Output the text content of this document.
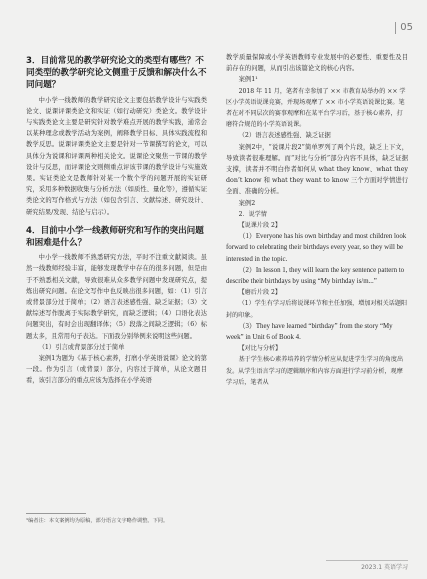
05
3．目前常见的教学研究论文的类型有哪些？不同类型的教学研究论文侧重于反馈和解决什么不同问题？

中小学一线教师的教学研究论文主要包括教学设计与实践类论文、说课评课类论文和实证（如行动研究）类论文。教学设计与实践类论文主要是研究针对教学难点开展的教学实践，通常会以某种理念或教学活动为案例，阐释教学目标、具体实践流程和教学反思。说课评课类论文主要是针对一节课撰写的论文，可以具体分为说课和评课两种相关论文。说课论文聚焦一节课的教学设计与反思，而评课论文则侧重点评该节课的教学设计与实施效果。实证类论文是教师针对某一个数个学的问题开展的实证研究，采用多种数据收集与分析方法（如质性、量化等），遵循实证类论文的写作格式与方法（如包含引言、文献综述、研究设计、研究结果/发现、结论与启示）。

4．目前中小学一线教师研究和写作的突出问题和困难是什么？

中小学一线教师不熟悉研究方法，平时不注重文献阅读。虽然一线教师经验丰富，能够发现教学中存在的很多问题，但是由于不熟悉相关文献，导致很难从众多教学问题中发现研究点，提炼出研究问题。在论文写作中也反映出很多问题，如：（1）引言或背景部分过于简单；（2）语言表述感性强、缺乏证据；（3）文献综述写作脱离于实际教学研究，而缺乏逻辑；（4）口语化表达问题突出，有时会出现翻译体；（5）段落之间缺乏逻辑；（6）标题太多，且常用句子表达。下面我分别举例来说明这些问题。

（1）引言或背景部分过于简单

案例1为题为《基于核心素养，打磨小学英语说课》论文的第一段。作为引言（或背景）部分，内容过于简单，从论文题目看，该引言部分的重点应该为选择在小学英语

教学质量保障或小学英语教师专业发展中的必要性、重要性及目前存在的问题，从而引出该篇论文的核心内容。

案例1¹

2018 年 11 月，笔者有幸参加了 ×× 市教育局举办的 ×× 学区小学英语说课竞赛，并现场观摩了 ×× 市小学英语说课比赛。笔者在对不同层次的赛事观摩和在某平台学习后，基于核心素养，打磨符合规范的小学英语说课。

（2）语言表述感性强、缺乏证据

案例2中，“说课片段2”简单罗列了两个片段，缺乏上下文，导致读者很难理解。而“对比与分析”部分内容不具体，缺乏证据支撑，读者并不明白作者如何从 what they know、what they don’t know 和 what they want to know 三个方面对学情进行全面、准确的分析。

案例2

2．说学情

【说课片段 2】

（1）Everyone has his own birthday and most children look forward to celebrating their birthdays every year, so they will be interested in the topic.

（2）In lesson 1, they will learn the key sentence pattern to describe their birthdays by using “My birthday is/m...”

【磨后片段 2】

（1）学生有学习后将说课环节和主任加强，增加对相关话题阳封的印象。

（3）They have learned “birthday” from the story “My week” in Unit 6 of Book 4.

【对比与分析】

基于学生核心素养培养的学情分析应从促进学生学习的角度出发。从学生语言学习的逻辑顺序和内容方面进行学习前分析，观摩学习后，笔者从

¹编者注：本文案例均为原稿，部分语言文字略作调整。下同。
2023.1 英语学习
